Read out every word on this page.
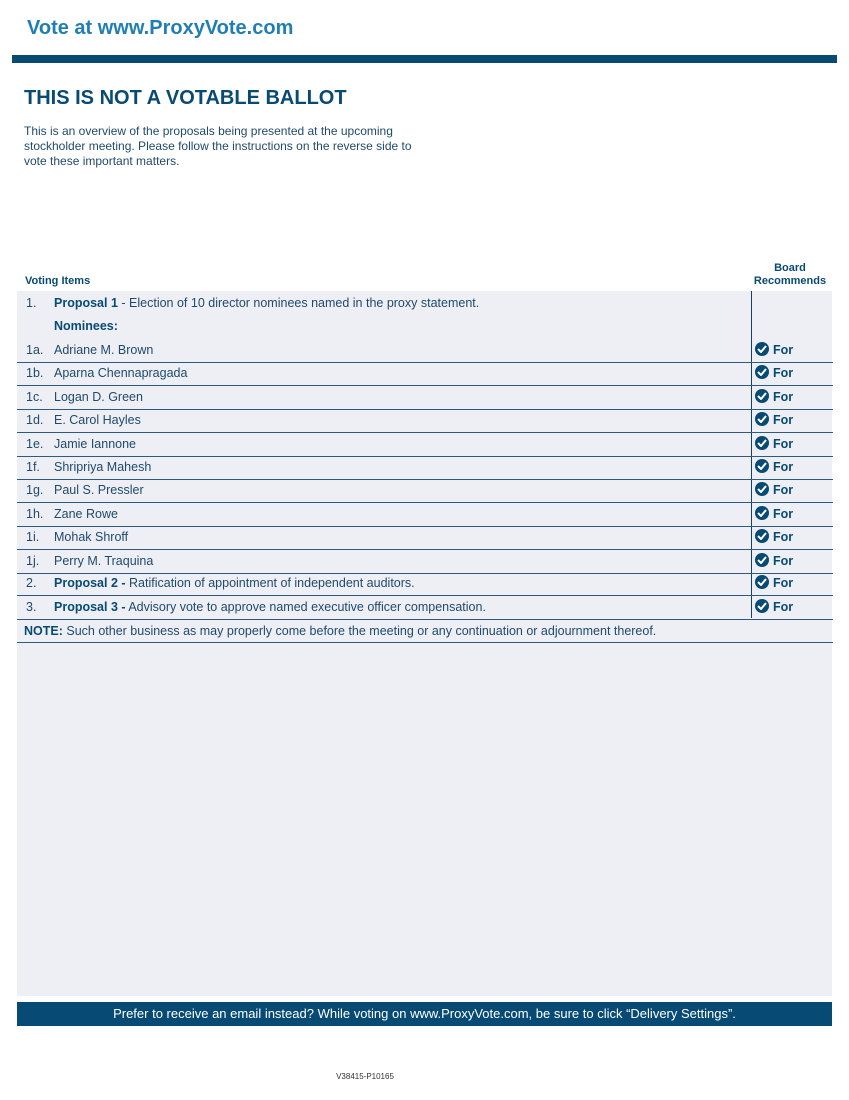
Vote at www.ProxyVote.com
THIS IS NOT A VOTABLE BALLOT
This is an overview of the proposals being presented at the upcoming stockholder meeting. Please follow the instructions on the reverse side to vote these important matters.
Voting Items
Board
Recommends
1. Proposal 1 - Election of 10 director nominees named in the proxy statement.
Nominees:
1a. Adriane M. Brown	For
1b. Aparna Chennapragada	For
1c. Logan D. Green	For
1d. E. Carol Hayles	For
1e. Jamie Iannone	For
1f. Shripriya Mahesh	For
1g. Paul S. Pressler	For
1h. Zane Rowe	For
1i. Mohak Shroff	For
1j. Perry M. Traquina	For
2. Proposal 2 - Ratification of appointment of independent auditors.	For
3. Proposal 3 - Advisory vote to approve named executive officer compensation.	For
NOTE: Such other business as may properly come before the meeting or any continuation or adjournment thereof.
Prefer to receive an email instead? While voting on www.ProxyVote.com, be sure to click “Delivery Settings”.
V38415-P10165
